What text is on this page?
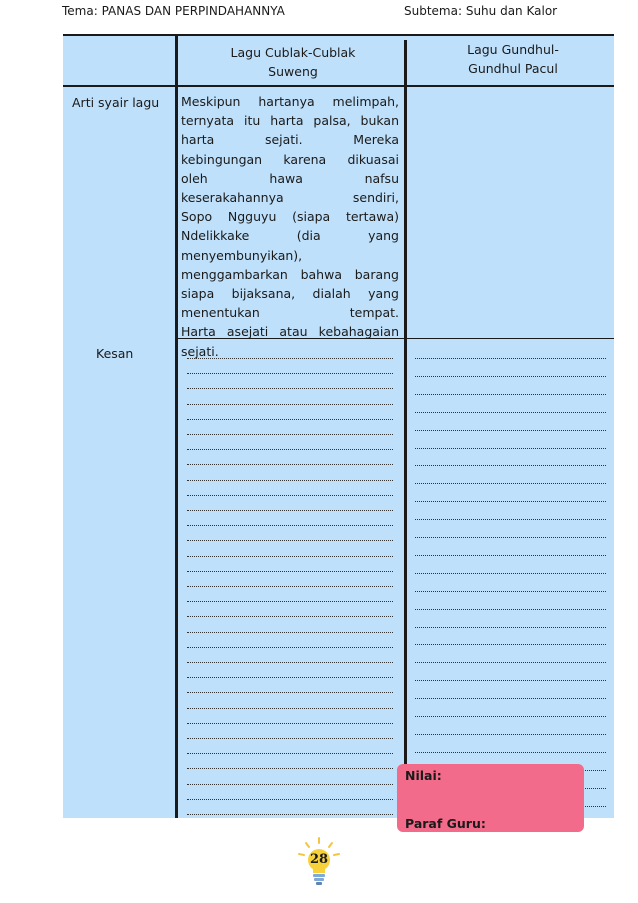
Tema: PANAS DAN PERPINDAHANNYA	Subtema: Suhu dan Kalor
Lagu Cublak-Cublak Suweng
Lagu Gundhul-Gundhul Pacul
Arti syair lagu
Kesan
Meskipun hartanya melimpah,
ternyata itu harta palsa, bukan
harta sejati. Mereka
kebingungan karena dikuasai
oleh hawa nafsu
keserakahannya sendiri,
Sopo Ngguyu (siapa tertawa)
Ndelikkake (dia yang
menyembunyikan),
menggambarkan bahwa barang
siapa bijaksana, dialah yang
menentukan tempat.
Harta asejati atau kebahagaian
sejati.
Nilai:
Paraf Guru:
28
